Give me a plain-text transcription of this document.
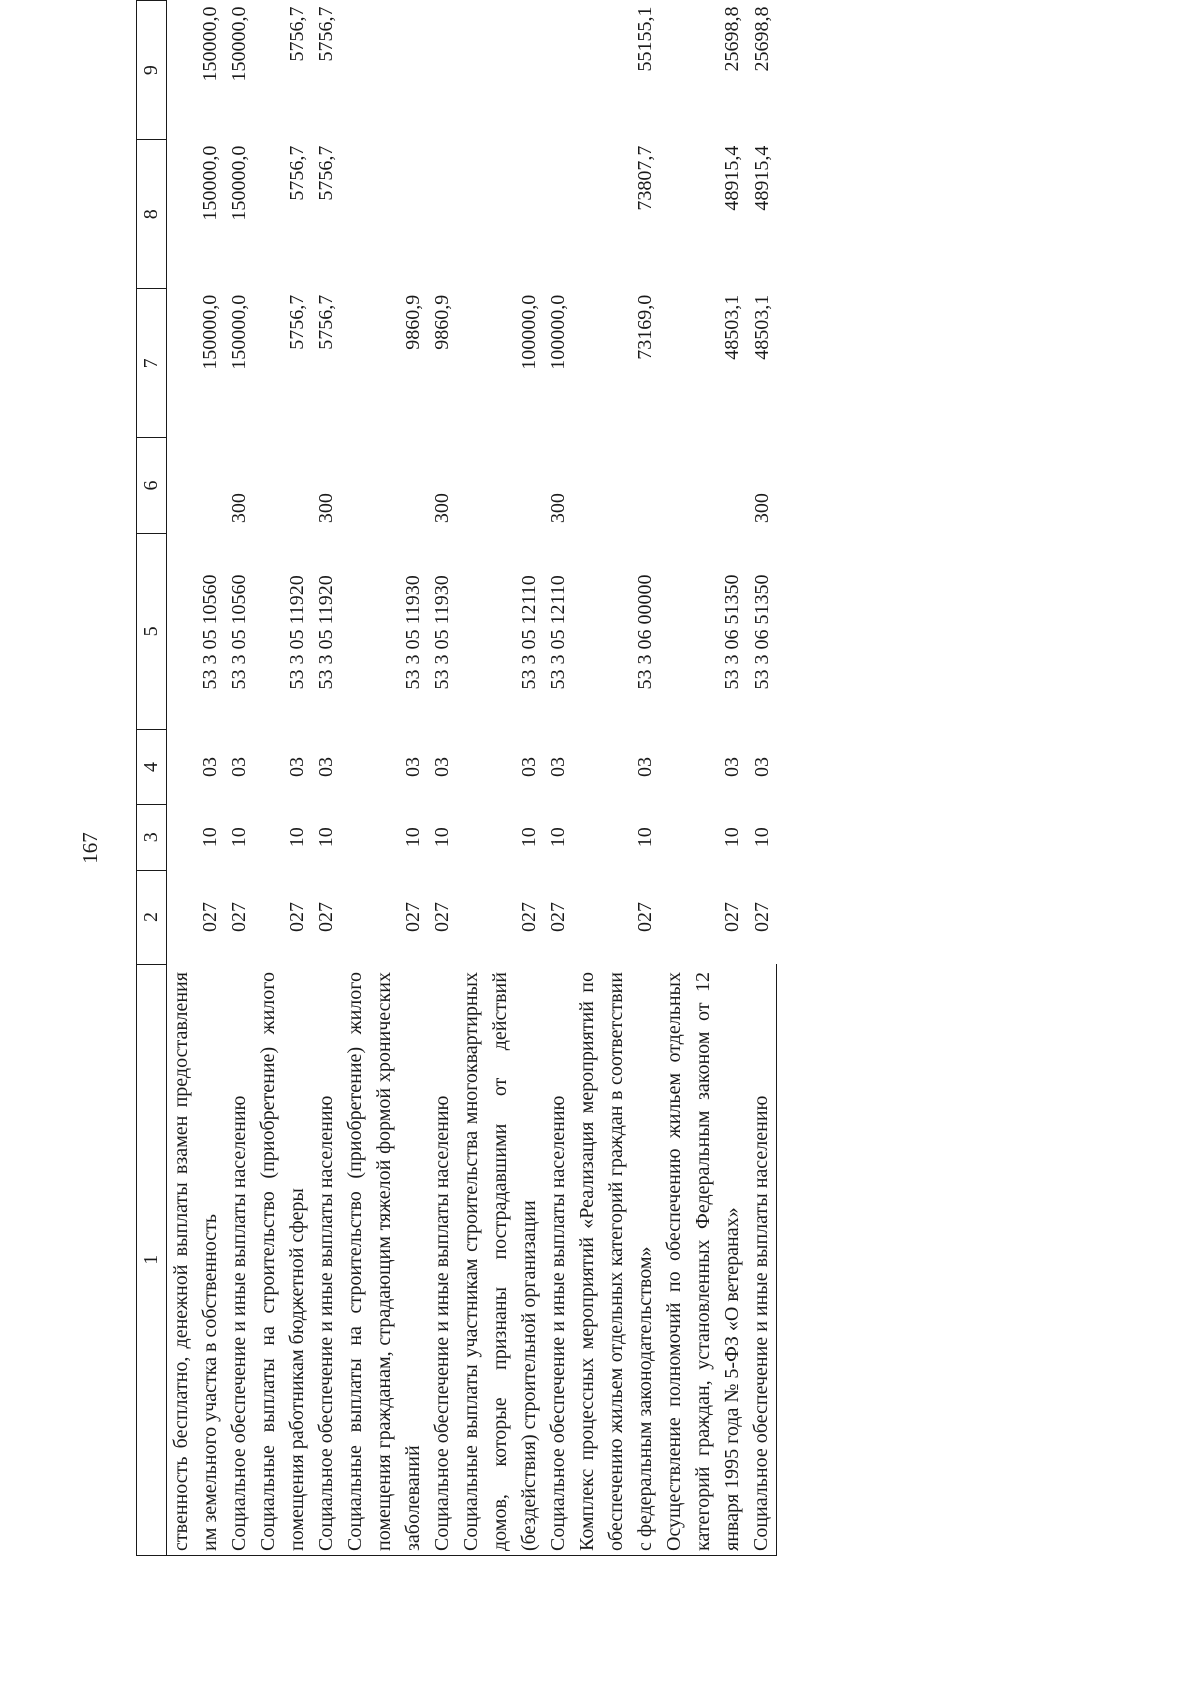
167
1	2	3	4	5	6	7	8	9
ственность бесплатно, денежной выплаты взамен предоставления им земельного участка в собственность	027	10	03	53 3 05 10560		150000,0	150000,0	150000,0
Социальное обеспечение и иные выплаты населению	027	10	03	53 3 05 10560	300	150000,0	150000,0	150000,0
Социальные выплаты на строительство (приобретение) жилого помещения работникам бюджетной сферы	027	10	03	53 3 05 11920		5756,7	5756,7	5756,7
Социальное обеспечение и иные выплаты населению	027	10	03	53 3 05 11920	300	5756,7	5756,7	5756,7
Социальные выплаты на строительство (приобретение) жилого помещения гражданам, страдающим тяжелой формой хронических заболеваний	027	10	03	53 3 05 11930		9860,9		
Социальное обеспечение и иные выплаты населению	027	10	03	53 3 05 11930	300	9860,9		
Социальные выплаты участникам строительства многоквартирных домов, которые признаны пострадавшими от действий (бездействия) строительной организации	027	10	03	53 3 05 12110		100000,0		
Социальное обеспечение и иные выплаты населению	027	10	03	53 3 05 12110	300	100000,0		
Комплекс процессных мероприятий «Реализация мероприятий по обеспечению жильем отдельных категорий граждан в соответствии с федеральным законодательством»	027	10	03	53 3 06 00000		73169,0	73807,7	55155,1
Осуществление полномочий по обеспечению жильем отдельных категорий граждан, установленных Федеральным законом от 12 января 1995 года № 5-ФЗ «О ветеранах»	027	10	03	53 3 06 51350		48503,1	48915,4	25698,8
Социальное обеспечение и иные выплаты населению	027	10	03	53 3 06 51350	300	48503,1	48915,4	25698,8
